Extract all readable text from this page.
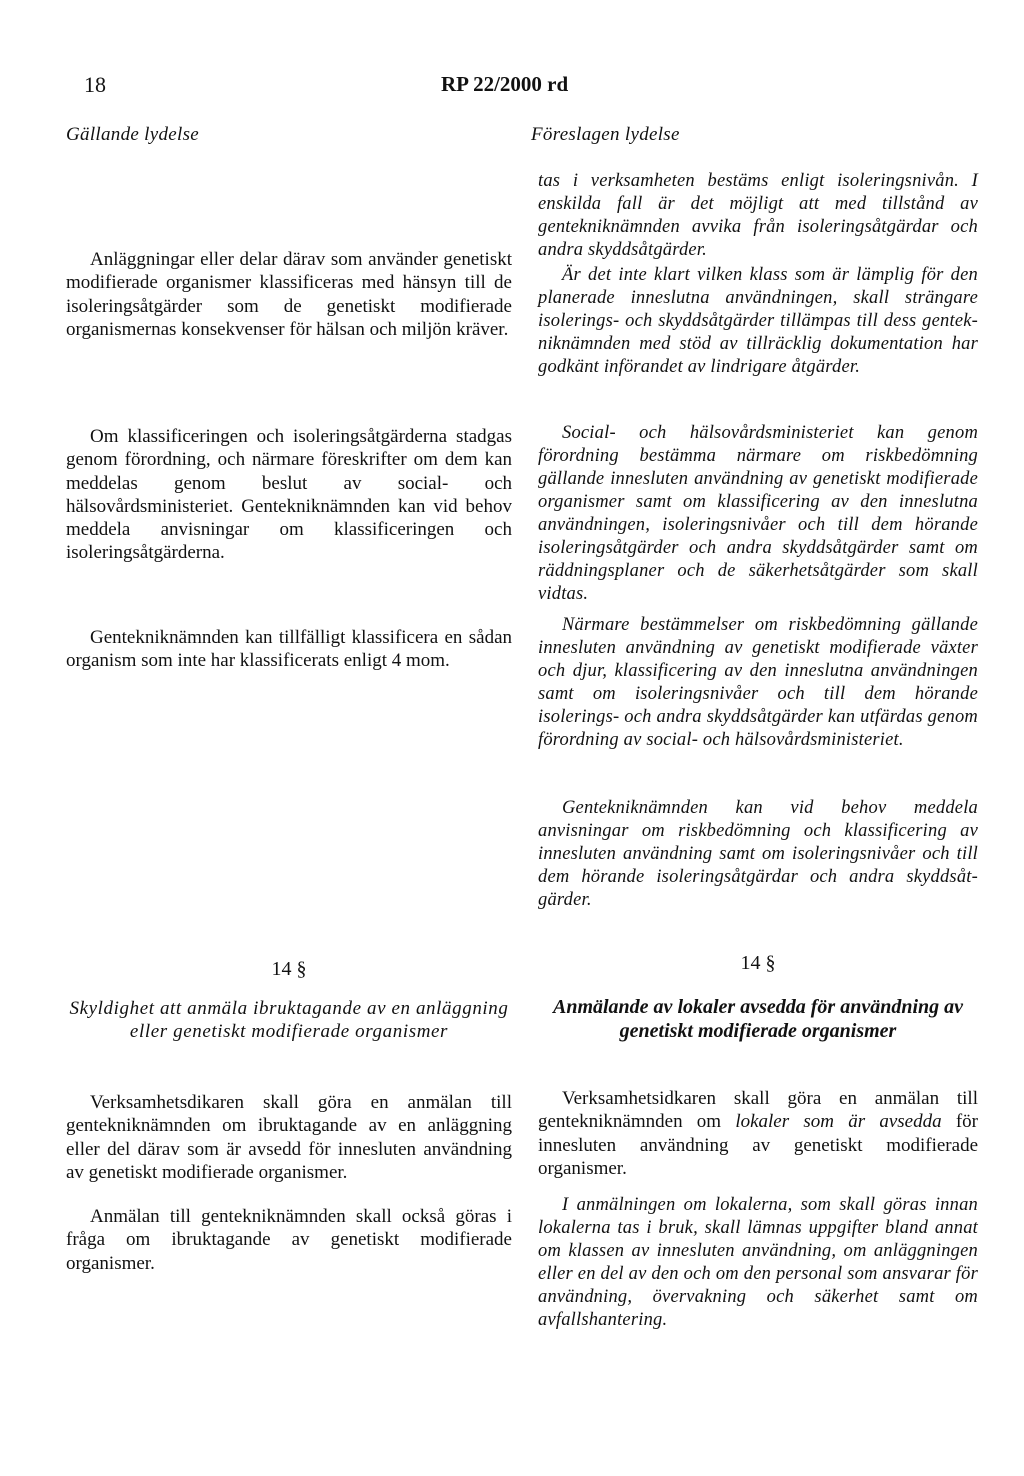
18	RP 22/2000 rd
Gällande lydelse	Föreslagen lydelse
Anläggningar eller delar därav som använder genetiskt modifierade organismer klassificeras med hänsyn till de isoleringsåtgärder som de genetiskt modifierade organismernas konsekvenser för hälsan och miljön kräver.
Om klassificeringen och isoleringsåtgärderna stadgas genom förordning, och närmare föreskrifter om dem kan meddelas genom beslut av social- och hälsovårdsministeriet. Gentekniknämnden kan vid behov meddela anvisningar om klassificeringen och isoleringsåtgärderna.
Gentekniknämnden kan tillfälligt klassificera en sådan organism som inte har klassificerats enligt 4 mom.
14 §
Skyldighet att anmäla ibruktagande av en anläggning eller genetiskt modifierade organismer
Verksamhetsdikaren skall göra en anmälan till gentekniknämnden om ibruktagande av en anläggning eller del därav som är avsedd för innesluten användning av genetiskt modifierade organismer.
Anmälan till gentekniknämnden skall också göras i fråga om ibruktagande av genetiskt modifierade organismer.
tas i verksamheten bestäms enligt isoleringsnivån. I enskilda fall är det möjligt att med tillstånd av gentekniknämnden avvika från isoleringsåtgärdar och andra skyddsåtgärder.
Är det inte klart vilken klass som är lämplig för den planerade inneslutna användningen, skall strängare isolerings- och skyddsåtgärder tillämpas till dess gentek-niknämnden med stöd av tillräcklig dokumentation har godkänt införandet av lindrigare åtgärder.
Social- och hälsovårdsministeriet kan genom förordning bestämma närmare om riskbedömning gällande innesluten användning av genetiskt modifierade organismer samt om klassificering av den inneslutna användningen, isoleringsnivåer och till dem hörande isoleringsåtgärder och andra skyddsåtgärder samt om räddningsplaner och de säkerhetsåtgärder som skall vidtas.
Närmare bestämmelser om riskbedömning gällande innesluten användning av genetiskt modifierade växter och djur, klassificering av den inneslutna användningen samt om isoleringsnivåer och till dem hörande isolerings- och andra skyddsåtgärder kan utfärdas genom förordning av social- och hälsovårdsministeriet.
Gentekniknämnden kan vid behov meddela anvisningar om riskbedömning och klassificering av innesluten användning samt om isoleringsnivåer och till dem hörande isoleringsåtgärdar och andra skyddsåt-gärder.
14 §
Anmälande av lokaler avsedda för användning av genetiskt modifierade organismer
Verksamhetsidkaren skall göra en anmälan till gentekniknämnden om lokaler som är avsedda för innesluten användning av genetiskt modifierade organismer.
I anmälningen om lokalerna, som skall göras innan lokalerna tas i bruk, skall lämnas uppgifter bland annat om klassen av innesluten användning, om anläggningen eller en del av den och om den personal som ansvarar för användning, övervakning och säkerhet samt om avfallshantering.
